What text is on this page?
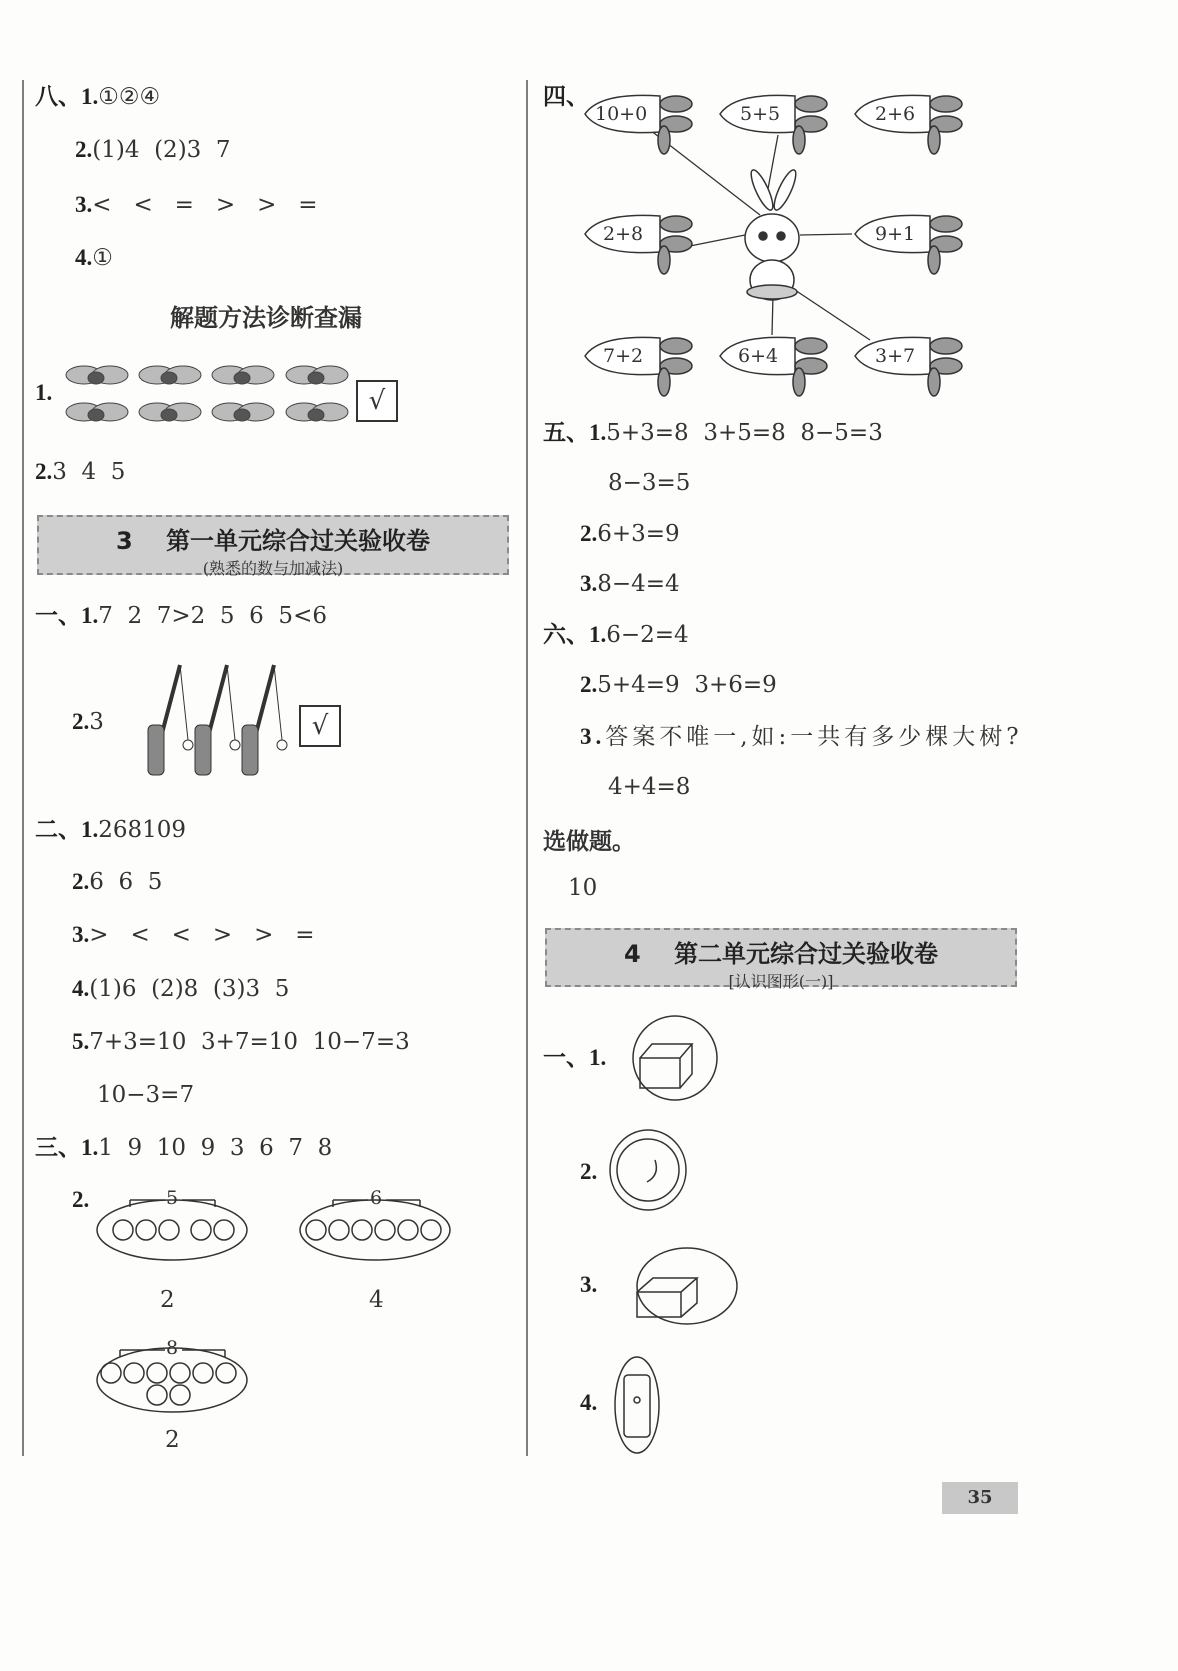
八、1.①②④
2.(1)4  (2)3  7
3.<   <   =   >   >   =
4.①
解题方法诊断查漏
1.	√
2.3  4  5
3 第一单元综合过关验收卷
(熟悉的数与加减法)
一、1.7  2  7>2  5  6  5<6
2.3	√
二、1.268109
2.6  6  5
3.>   <   <   >   >   =
4.(1)6  (2)8  (3)3  5
5.7+3=10  3+7=10  10−7=3
10−3=7
三、1.1  9  10  9  3  6  7  8
2.	5
2
6
4
8
2
四、
10+0	5+5	2+6
2+8	9+1
7+2	6+4	3+7
五、1.5+3=8  3+5=8  8−5=3
8−3=5
2.6+3=9
3.8−4=4
六、1.6−2=4
2.5+4=9  3+6=9
3.答案不唯一,如:一共有多少棵大树?
4+4=8
选做题。
10
4 第二单元综合过关验收卷
[认识图形(一)]
一、1.
2.
3.
4.
35
